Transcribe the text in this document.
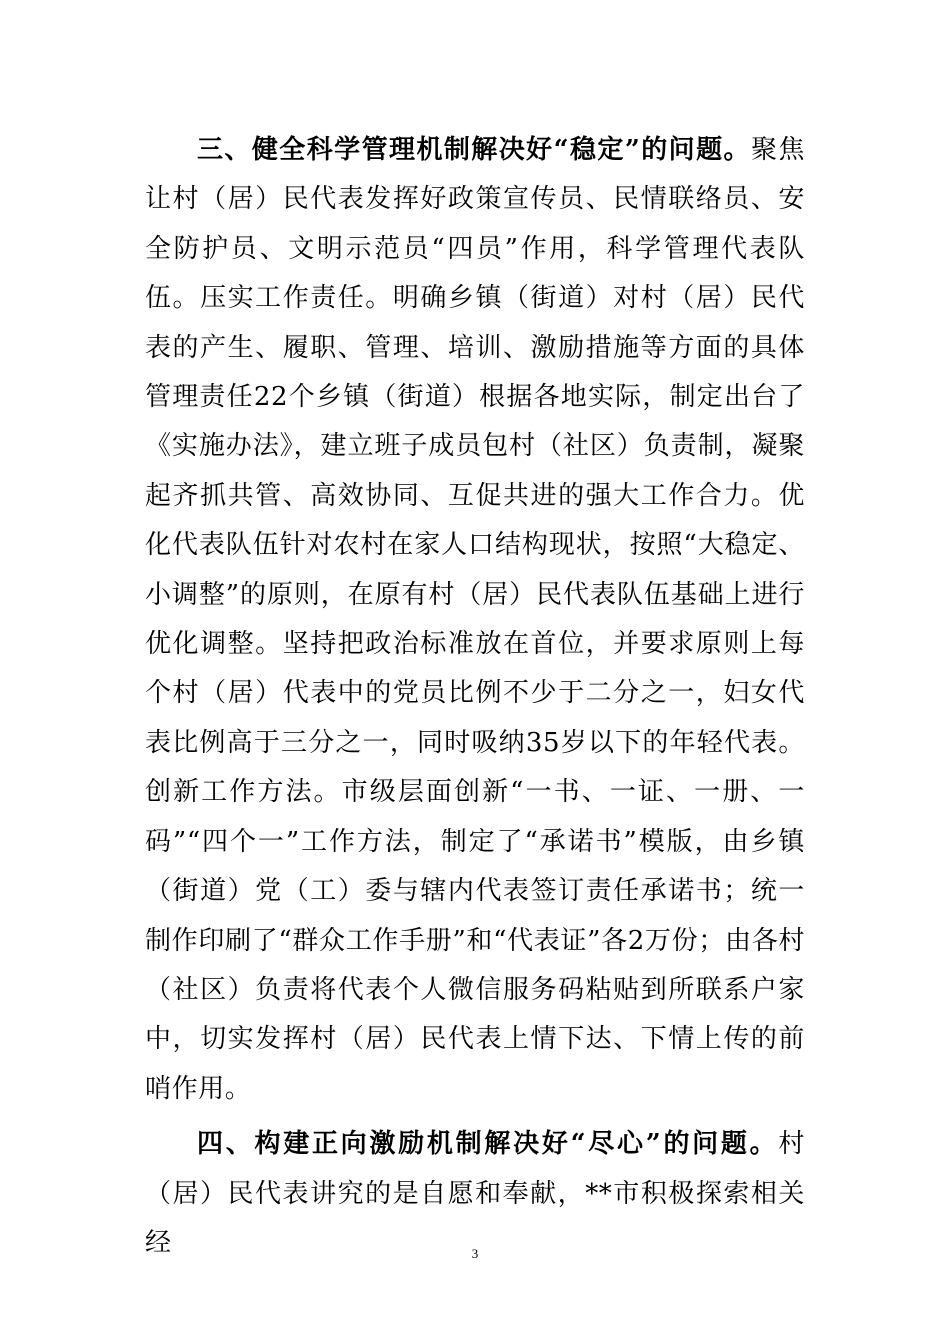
三、健全科学管理机制解决好“稳定”的问题。聚焦让村（居）民代表发挥好政策宣传员、民情联络员、安全防护员、文明示范员“四员”作用，科学管理代表队伍。压实工作责任。明确乡镇（街道）对村（居）民代表的产生、履职、管理、培训、激励措施等方面的具体管理责任22个乡镇（街道）根据各地实际，制定出台了《实施办法》，建立班子成员包村（社区）负责制，凝聚起齐抓共管、高效协同、互促共进的强大工作合力。优化代表队伍针对农村在家人口结构现状，按照“大稳定、小调整”的原则，在原有村（居）民代表队伍基础上进行优化调整。坚持把政治标准放在首位，并要求原则上每个村（居）代表中的党员比例不少于二分之一，妇女代表比例高于三分之一，同时吸纳35岁以下的年轻代表。创新工作方法。市级层面创新“一书、一证、一册、一码”“四个一”工作方法，制定了“承诺书”模版，由乡镇（街道）党（工）委与辖内代表签订责任承诺书；统一制作印刷了“群众工作手册”和“代表证”各2万份；由各村（社区）负责将代表个人微信服务码粘贴到所联系户家中，切实发挥村（居）民代表上情下达、下情上传的前哨作用。

四、构建正向激励机制解决好“尽心”的问题。村（居）民代表讲究的是自愿和奉献，**市积极探索相关经	3
